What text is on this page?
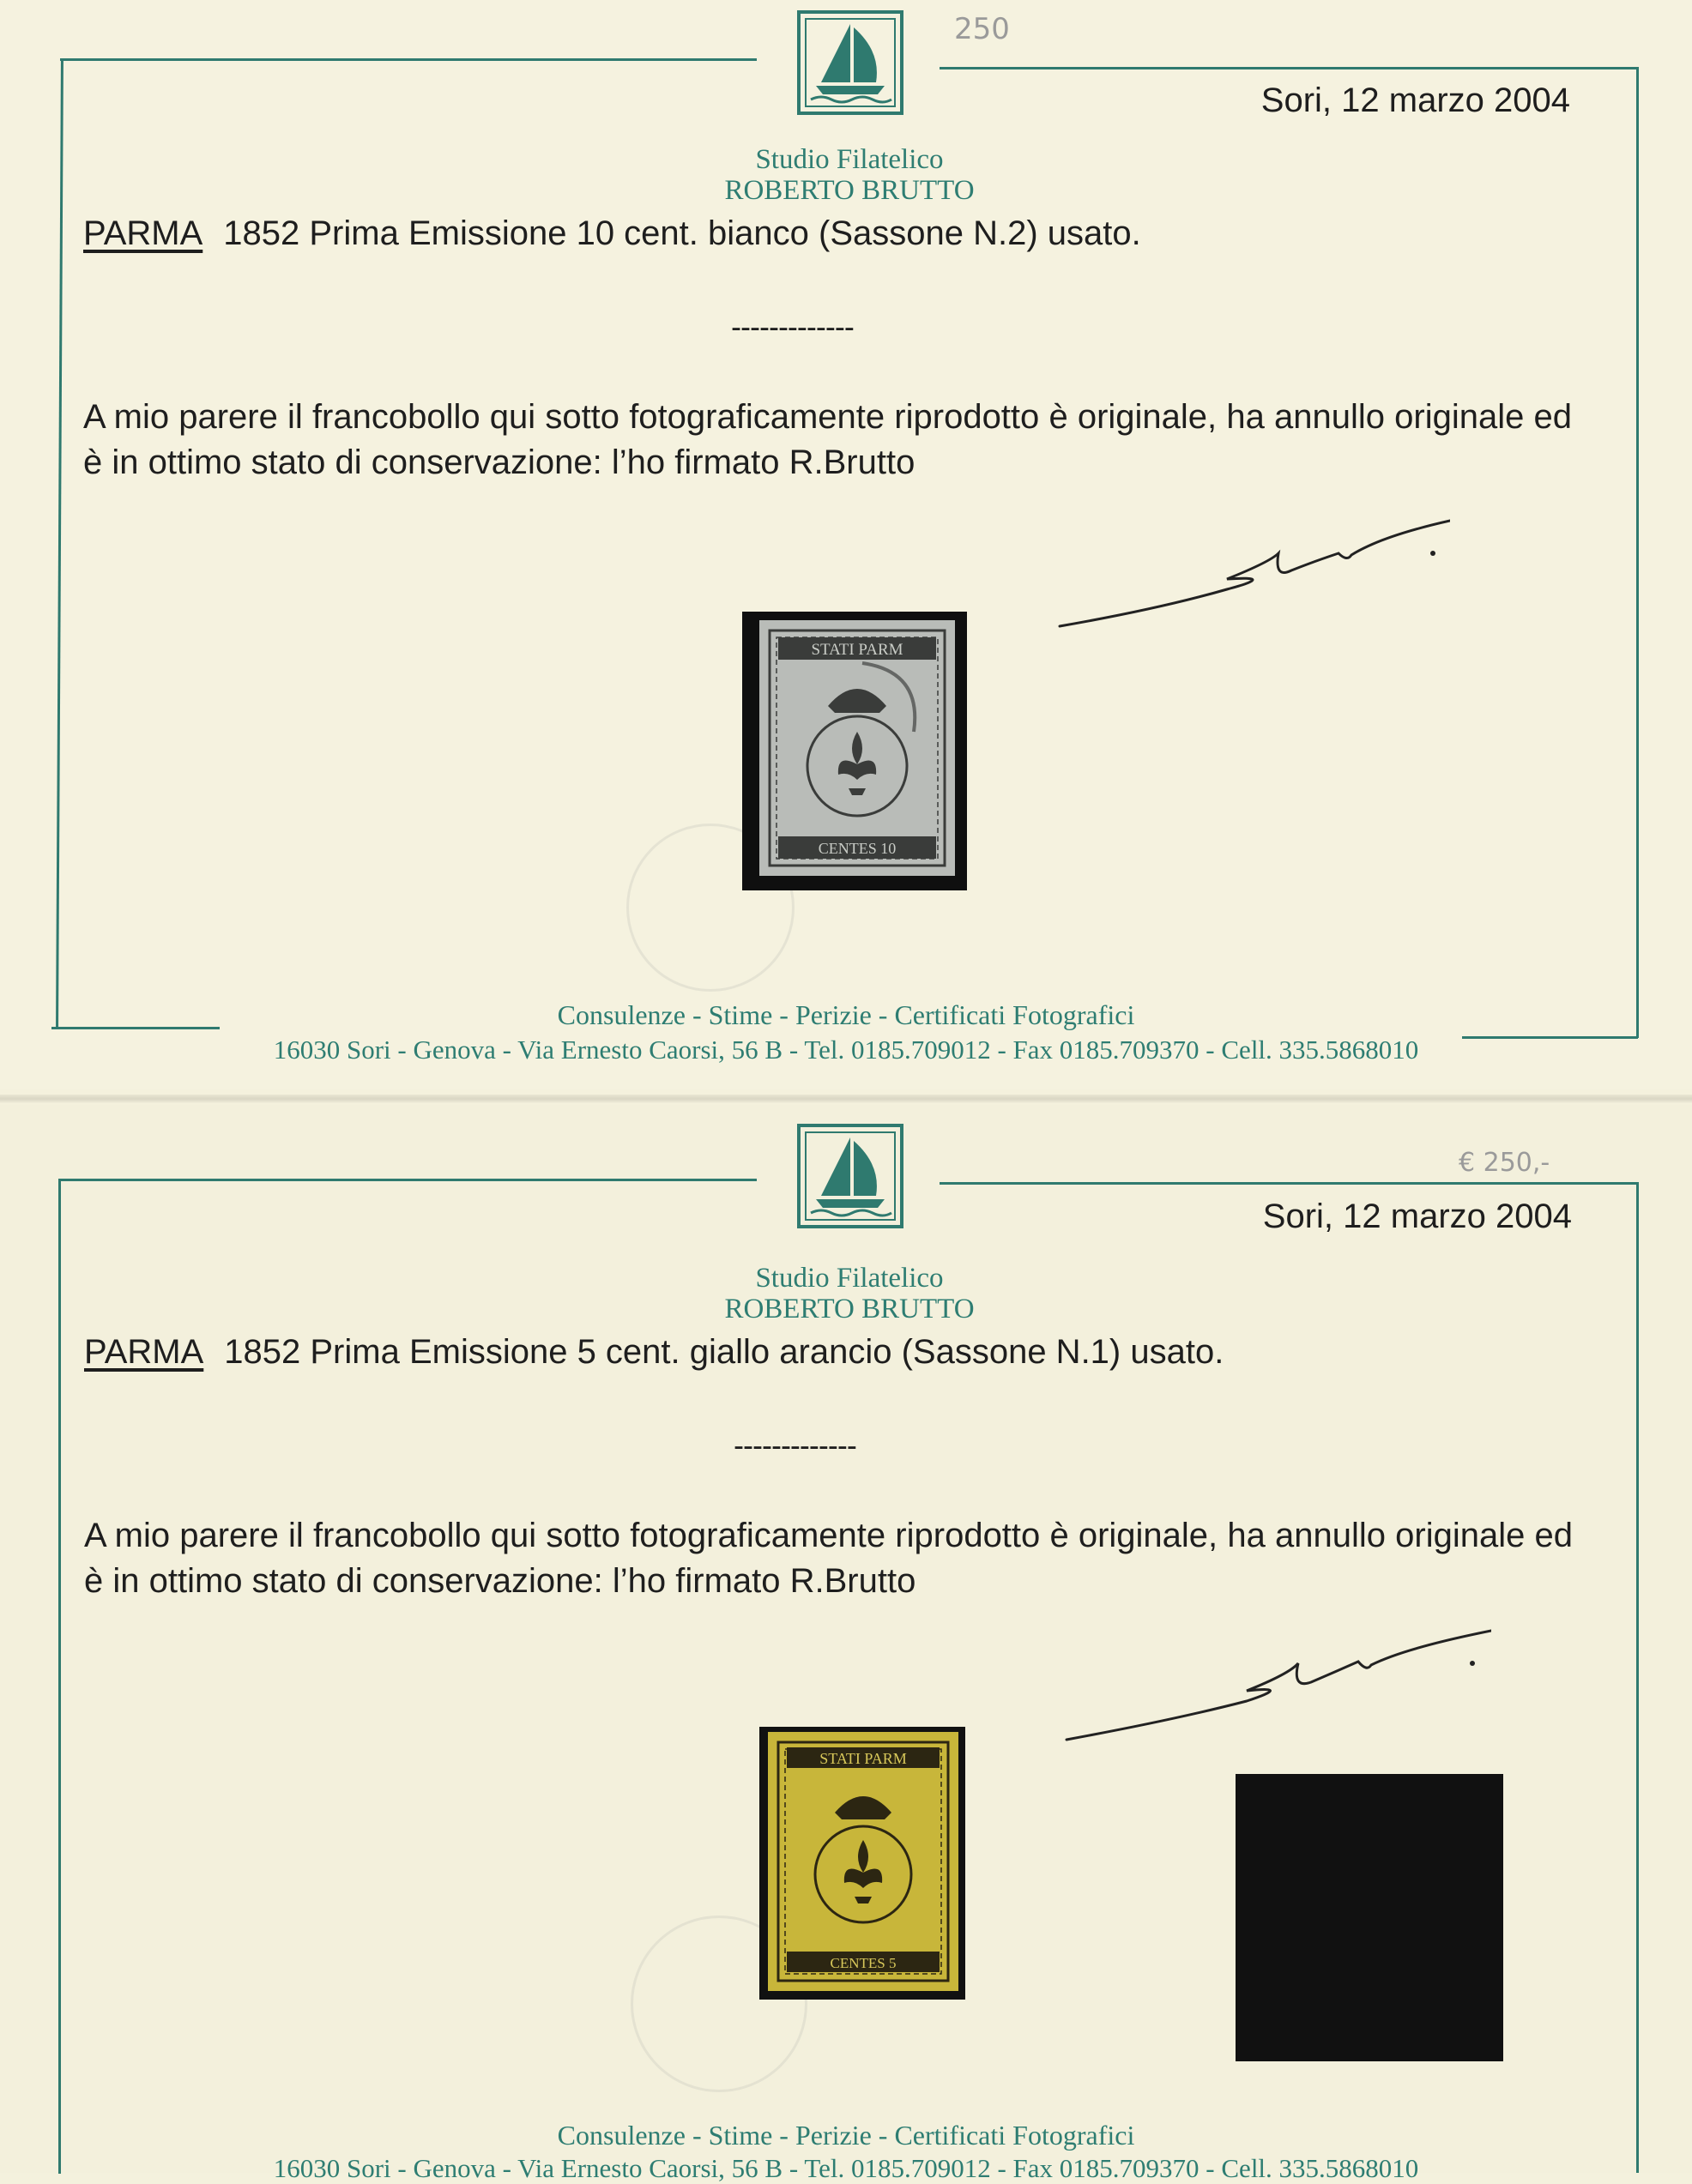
Studio Filatelico
ROBERTO BRUTTO
250
Sori, 12 marzo 2004
PARMA 1852 Prima Emissione 10 cent. bianco (Sassone N.2) usato.
-------------
A mio parere il francobollo qui sotto fotograficamente riprodotto è originale, ha annullo originale ed è in ottimo stato di conservazione: l’ho firmato R.Brutto
STATI PARM
CENTES 10
Consulenze - Stime - Perizie - Certificati Fotografici
16030 Sori - Genova - Via Ernesto Caorsi, 56 B - Tel. 0185.709012 - Fax 0185.709370 - Cell. 335.5868010
Studio Filatelico
ROBERTO BRUTTO
€ 250,-
Sori, 12 marzo 2004
PARMA 1852 Prima Emissione 5 cent. giallo arancio (Sassone N.1) usato.
-------------
A mio parere il francobollo qui sotto fotograficamente riprodotto è originale, ha annullo originale ed è in ottimo stato di conservazione: l’ho firmato R.Brutto
STATI PARM
CENTES 5
Consulenze - Stime - Perizie - Certificati Fotografici
16030 Sori - Genova - Via Ernesto Caorsi, 56 B - Tel. 0185.709012 - Fax 0185.709370 - Cell. 335.5868010
